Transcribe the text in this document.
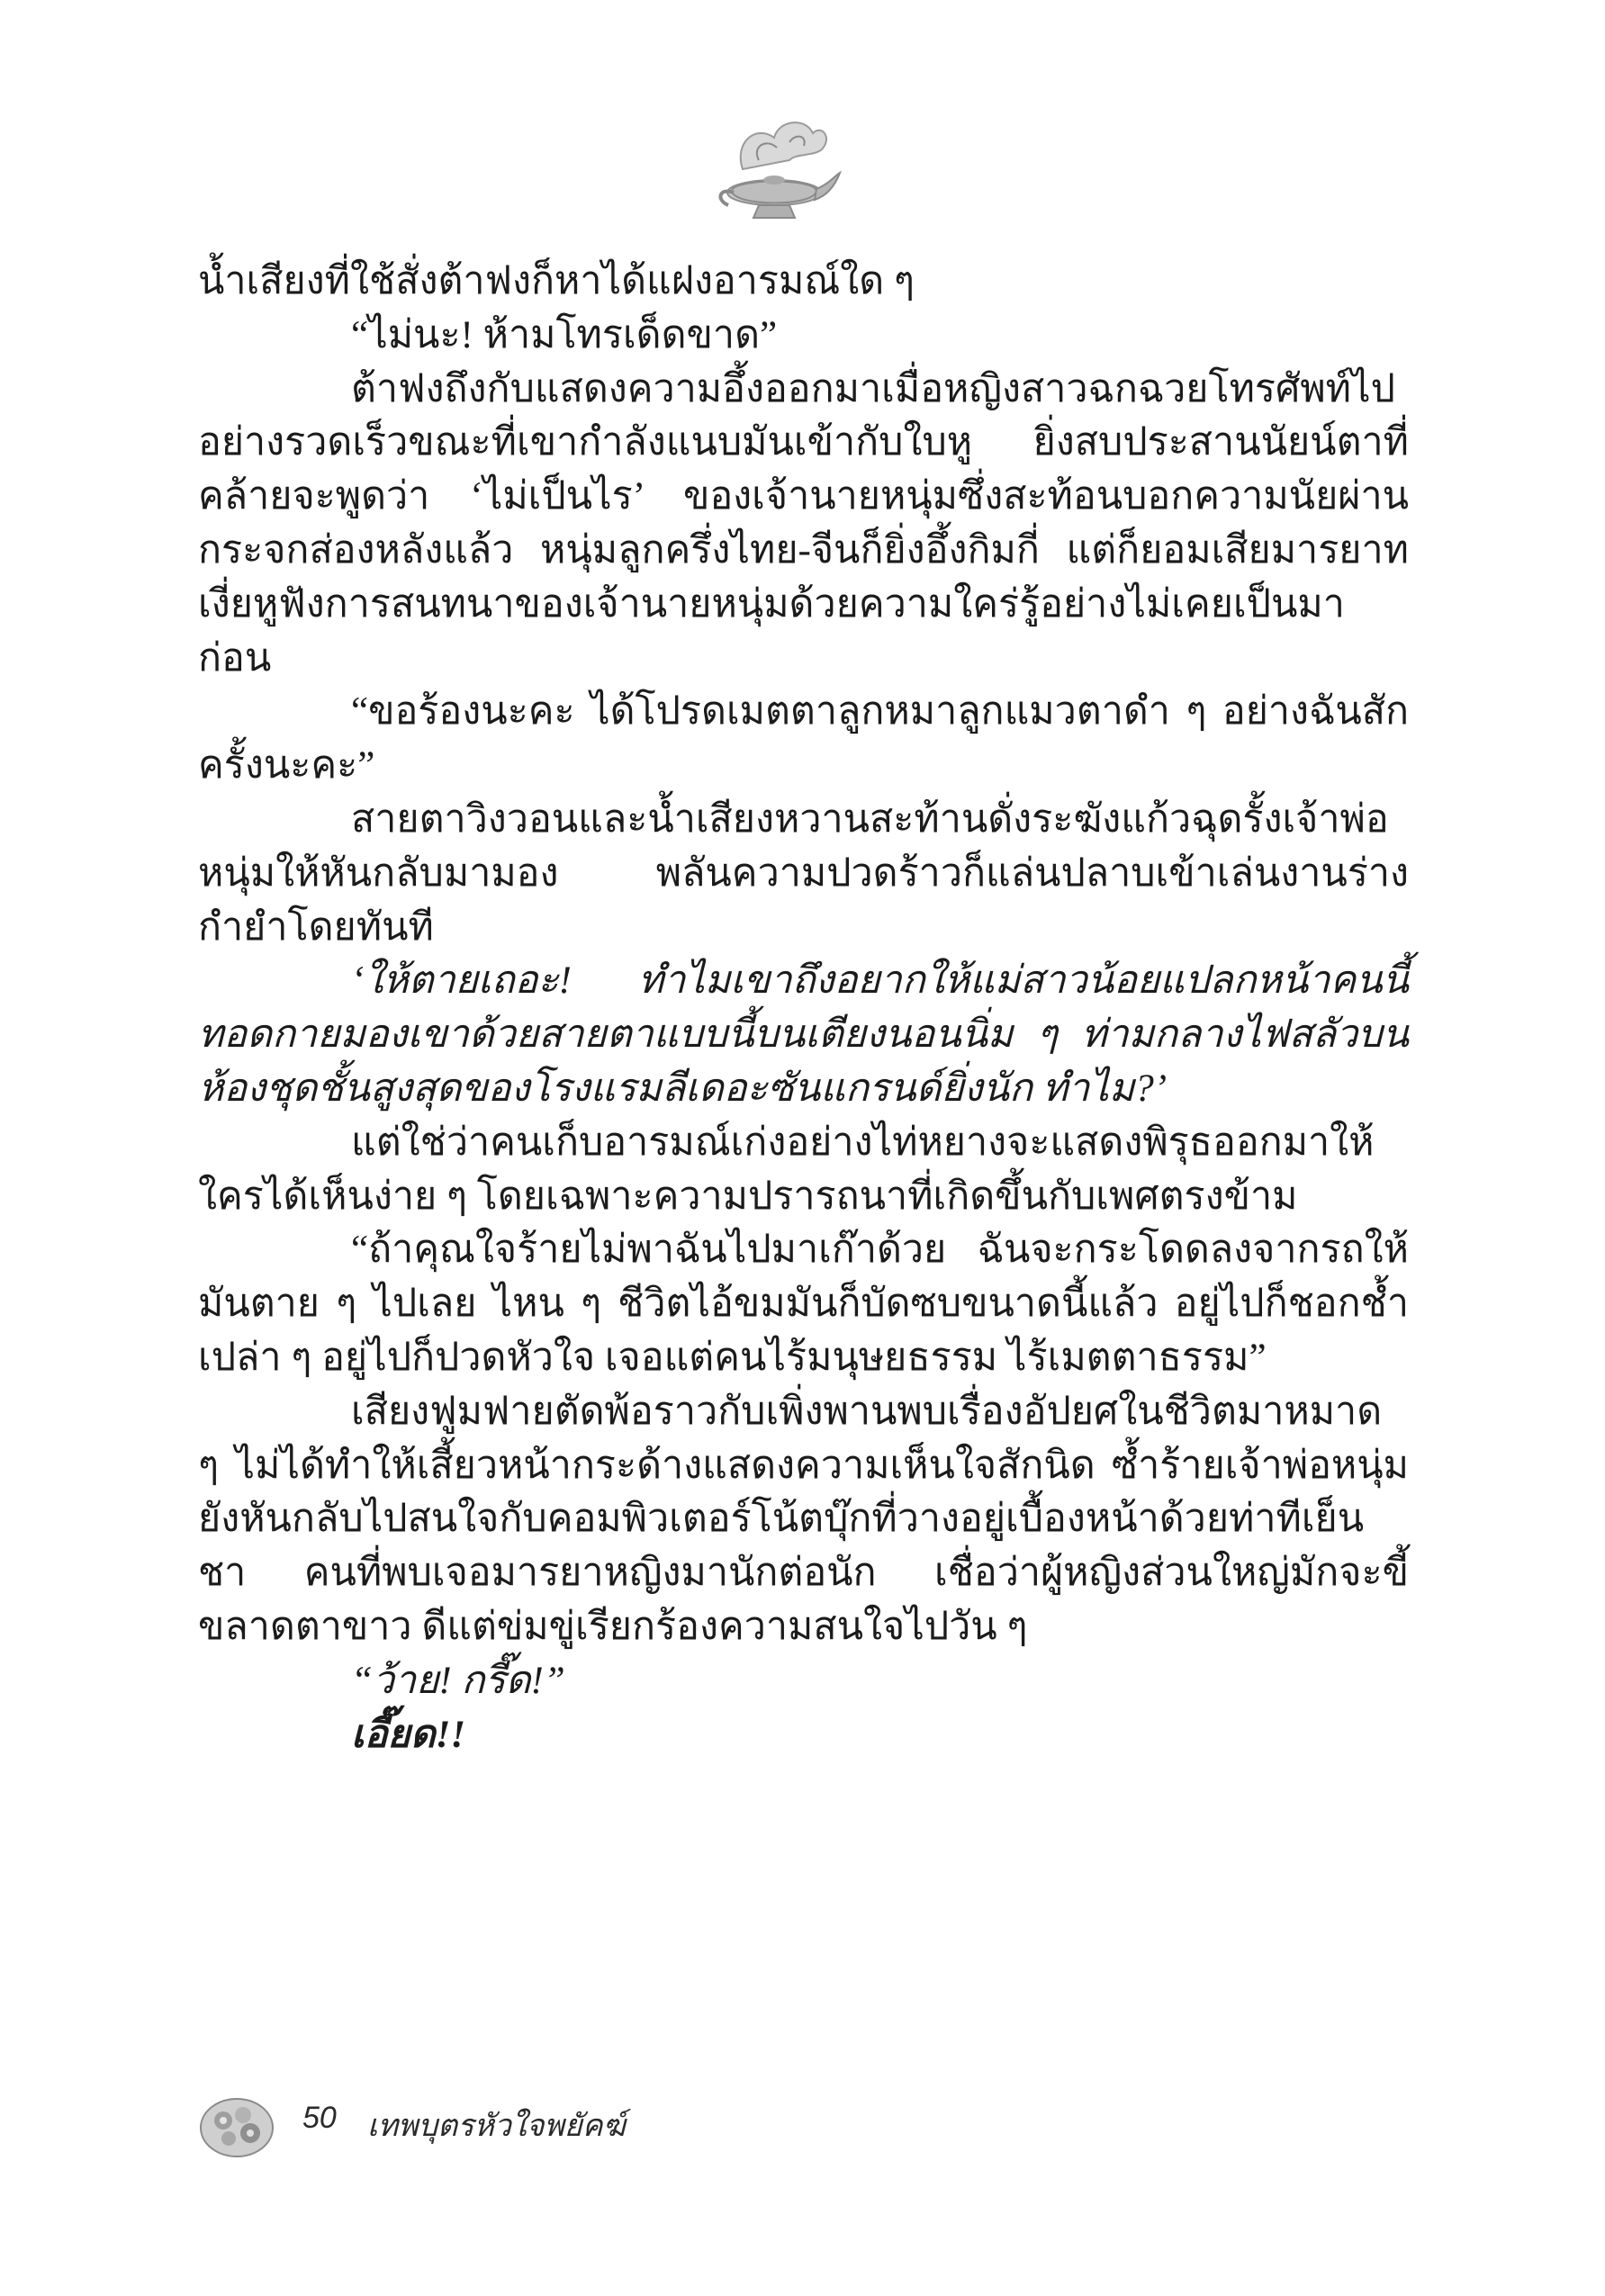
น้ำเสียงที่ใช้สั่งต้าฟงก็หาได้แฝงอารมณ์ใด ๆ

“ไม่นะ! ห้ามโทรเด็ดขาด”

ต้าฟงถึงกับแสดงความอึ้งออกมาเมื่อหญิงสาวฉกฉวยโทรศัพท์ไปอย่างรวดเร็วขณะที่เขากำลังแนบมันเข้ากับใบหู ยิ่งสบประสานนัยน์ตาที่คล้ายจะพูดว่า ‘ไม่เป็นไร’ ของเจ้านายหนุ่มซึ่งสะท้อนบอกความนัยผ่านกระจกส่องหลังแล้ว หนุ่มลูกครึ่งไทย-จีนก็ยิ่งอึ้งกิมกี่ แต่ก็ยอมเสียมารยาทเงี่ยหูฟังการสนทนาของเจ้านายหนุ่มด้วยความใคร่รู้อย่างไม่เคยเป็นมาก่อน

“ขอร้องนะคะ ได้โปรดเมตตาลูกหมาลูกแมวตาดำ ๆ อย่างฉันสักครั้งนะคะ”

สายตาวิงวอนและน้ำเสียงหวานสะท้านดั่งระฆังแก้วฉุดรั้งเจ้าพ่อหนุ่มให้หันกลับมามอง พลันความปวดร้าวก็แล่นปลาบเข้าเล่นงานร่างกำยำโดยทันที

‘ให้ตายเถอะ! ทำไมเขาถึงอยากให้แม่สาวน้อยแปลกหน้าคนนี้ทอดกายมองเขาด้วยสายตาแบบนี้บนเตียงนอนนิ่ม ๆ ท่ามกลางไฟสลัวบนห้องชุดชั้นสูงสุดของโรงแรมลีเดอะซันแกรนด์ยิ่งนัก ทำไม?’

แต่ใช่ว่าคนเก็บอารมณ์เก่งอย่างไท่หยางจะแสดงพิรุธออกมาให้ใครได้เห็นง่าย ๆ โดยเฉพาะความปรารถนาที่เกิดขึ้นกับเพศตรงข้าม

“ถ้าคุณใจร้ายไม่พาฉันไปมาเก๊าด้วย ฉันจะกระโดดลงจากรถให้มันตาย ๆ ไปเลย ไหน ๆ ชีวิตไอ้ขมมันก็บัดซบขนาดนี้แล้ว อยู่ไปก็ชอกช้ำเปล่า ๆ อยู่ไปก็ปวดหัวใจ เจอแต่คนไร้มนุษยธรรม ไร้เมตตาธรรม”

เสียงฟูมฟายตัดพ้อราวกับเพิ่งพานพบเรื่องอัปยศในชีวิตมาหมาด ๆ ไม่ได้ทำให้เสี้ยวหน้ากระด้างแสดงความเห็นใจสักนิด ซ้ำร้ายเจ้าพ่อหนุ่มยังหันกลับไปสนใจกับคอมพิวเตอร์โน้ตบุ๊กที่วางอยู่เบื้องหน้าด้วยท่าทีเย็นชา คนที่พบเจอมารยาหญิงมานักต่อนัก เชื่อว่าผู้หญิงส่วนใหญ่มักจะขี้ขลาดตาขาว ดีแต่ข่มขู่เรียกร้องความสนใจไปวัน ๆ

“ว้าย! กรี๊ด!”

เอี๊ยด!!

50 เทพบุตรหัวใจพยัคฆ์
